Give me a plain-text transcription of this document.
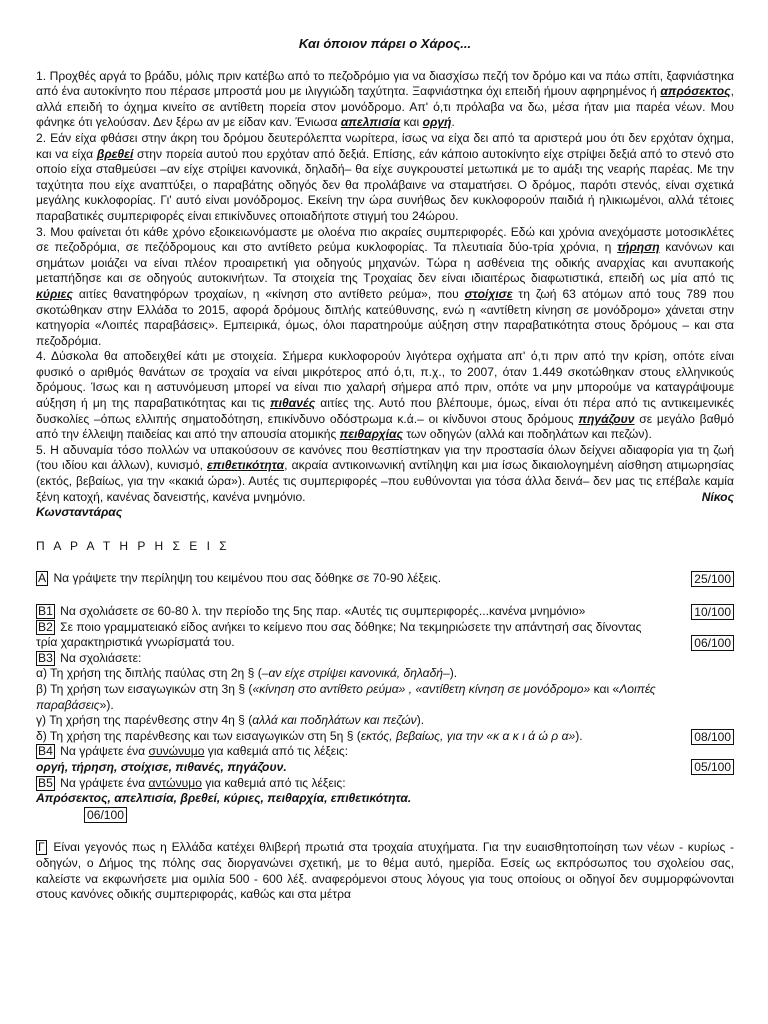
Και όποιον πάρει ο Χάρος...

1. Προχθές αργά το βράδυ, μόλις πριν κατέβω από το πεζοδρόμιο για να διασχίσω πεζή τον δρόμο και να πάω σπίτι, ξαφνιάστηκα από ένα αυτοκίνητο που πέρασε μπροστά μου με ιλιγγιώδη ταχύτητα. Ξαφνιάστηκα όχι επειδή ήμουν αφηρημένος ή απρόσεκτος, αλλά επειδή το όχημα κινείτο σε αντίθετη πορεία στον μονόδρομο. Απ' ό,τι πρόλαβα να δω, μέσα ήταν μια παρέα νέων. Μου φάνηκε ότι γελούσαν. Δεν ξέρω αν με είδαν καν. Ένιωσα απελπισία και οργή.

2. Εάν είχα φθάσει στην άκρη του δρόμου δευτερόλεπτα νωρίτερα, ίσως να είχα δει από τα αριστερά μου ότι δεν ερχόταν όχημα, και να είχα βρεθεί στην πορεία αυτού που ερχόταν από δεξιά. Επίσης, εάν κάποιο αυτοκίνητο είχε στρίψει δεξιά από το στενό στο οποίο είχα σταθμεύσει –αν είχε στρίψει κανονικά, δηλαδή– θα είχε συγκρουστεί μετωπικά με το αμάξι της νεαρής παρέας. Με την ταχύτητα που είχε αναπτύξει, ο παραβάτης οδηγός δεν θα προλάβαινε να σταματήσει. Ο δρόμος, παρότι στενός, είναι σχετικά μεγάλης κυκλοφορίας. Γι' αυτό είναι μονόδρομος. Εκείνη την ώρα συνήθως δεν κυκλοφορούν παιδιά ή ηλικιωμένοι, αλλά τέτοιες παραβατικές συμπεριφορές είναι επικίνδυνες οποιαδήποτε στιγμή του 24ώρου.

3. Μου φαίνεται ότι κάθε χρόνο εξοικειωνόμαστε με ολοένα πιο ακραίες συμπεριφορές. Εδώ και χρόνια ανεχόμαστε μοτοσικλέτες σε πεζοδρόμια, σε πεζόδρομους και στο αντίθετο ρεύμα κυκλοφορίας. Τα πλευτιαία δύο-τρία χρόνια, η τήρηση κανόνων και σημάτων μοιάζει να είναι πλέον προαιρετική για οδηγούς μηχανών. Τώρα η ασθένεια της οδικής αναρχίας και ανυπακοής μεταπήδησε και σε οδηγούς αυτοκινήτων. Τα στοιχεία της Τροχαίας δεν είναι ιδιαιτέρως διαφωτιστικά, επειδή ως μία από τις κύριες αιτίες θανατηφόρων τροχαίων, η «κίνηση στο αντίθετο ρεύμα», που στοίχισε τη ζωή 63 ατόμων από τους 789 που σκοτώθηκαν στην Ελλάδα το 2015, αφορά δρόμους διπλής κατεύθυνσης, ενώ η «αντίθετη κίνηση σε μονόδρομο» χάνεται στην κατηγορία «Λοιπές παραβάσεις». Εμπειρικά, όμως, όλοι παρατηρούμε αύξηση στην παραβατικότητα στους δρόμους – και στα πεζοδρόμια.

4. Δύσκολα θα αποδειχθεί κάτι με στοιχεία. Σήμερα κυκλοφορούν λιγότερα οχήματα απ' ό,τι πριν από την κρίση, οπότε είναι φυσικό ο αριθμός θανάτων σε τροχαία να είναι μικρότερος από ό,τι, π.χ., το 2007, όταν 1.449 σκοτώθηκαν στους ελληνικούς δρόμους. Ίσως και η αστυνόμευση μπορεί να είναι πιο χαλαρή σήμερα από πριν, οπότε να μην μπορούμε να καταγράψουμε αύξηση ή μη της παραβατικότητας και τις πιθανές αιτίες της. Αυτό που βλέπουμε, όμως, είναι ότι πέρα από τις αντικειμενικές δυσκολίες –όπως ελλιπής σηματοδότηση, επικίνδυνο οδόστρωμα κ.ά.– οι κίνδυνοι στους δρόμους πηγάζουν σε μεγάλο βαθμό από την έλλειψη παιδείας και από την απουσία ατομικής πειθαρχίας των οδηγών (αλλά και ποδηλάτων και πεζών).

5. Η αδυναμία τόσο πολλών να υπακούσουν σε κανόνες που θεσπίστηκαν για την προστασία όλων δείχνει αδιαφορία για τη ζωή (του ιδίου και άλλων), κυνισμό, επιθετικότητα, ακραία αντικοινωνική αντίληψη και μια ίσως δικαιολογημένη αίσθηση ατιμωρησίας (εκτός, βεβαίως, για την «κακιά ώρα»). Αυτές τις συμπεριφορές –που ευθύνονται για τόσα άλλα δεινά– δεν μας τις επέβαλε καμία ξένη κατοχή, κανένας δανειστής, κανένα μνημόνιο.	Νίκος

Κωνσταντάρας
Π Α Ρ Α Τ Η Ρ Η Σ Ε Ι Σ
Α Να γράψετε την περίληψη του κειμένου που σας δόθηκε σε 70-90 λέξεις.	25/100
Β1 Να σχολιάσετε σε 60-80 λ. την περίοδο της 5ης παρ. «Αυτές τις συμπεριφορές...κανένα μνημόνιο»	10/100
Β2 Σε ποιο γραμματειακό είδος ανήκει το κείμενο που σας δόθηκε; Να τεκμηριώσετε την απάντησή σας δίνοντας τρία χαρακτηριστικά γνωρίσματά του.	06/100
Β3 Να σχολιάσετε:
α) Τη χρήση της διπλής παύλας στη 2η § (–αν είχε στρίψει κανονικά, δηλαδή–).
β) Τη χρήση των εισαγωγικών στη 3η § («κίνηση στο αντίθετο ρεύμα» , «αντίθετη κίνηση σε μονόδρομο» και «Λοιπές παραβάσεις»).
γ) Τη χρήση της παρένθεσης στην 4η § (αλλά και ποδηλάτων και πεζών).
δ) Τη χρήση της παρένθεσης και των εισαγωγικών στη 5η § (εκτός, βεβαίως, για την «κ α κ ι ά ώ ρ α»).	08/100
Β4 Να γράψετε ένα συνώνυμο για καθεμιά από τις λέξεις:
οργή, τήρηση, στοίχισε, πιθανές, πηγάζουν.	05/100
Β5 Να γράψετε ένα αντώνυμο για καθεμιά από τις λέξεις:
Απρόσεκτος, απελπισία, βρεθεί, κύριες, πειθαρχία, επιθετικότητα.
06/100

Γ Είναι γεγονός πως η Ελλάδα κατέχει θλιβερή πρωτιά στα τροχαία ατυχήματα. Για την ευαισθητοποίηση των νέων - κυρίως - οδηγών, ο Δήμος της πόλης σας διοργανώνει σχετική, με το θέμα αυτό, ημερίδα. Εσείς ως εκπρόσωπος του σχολείου σας, καλείστε να εκφωνήσετε μια ομιλία 500 - 600 λέξ. αναφερόμενοι στους λόγους για τους οποίους οι οδηγοί δεν συμμορφώνονται στους κανόνες οδικής συμπεριφοράς, καθώς και στα μέτρα
